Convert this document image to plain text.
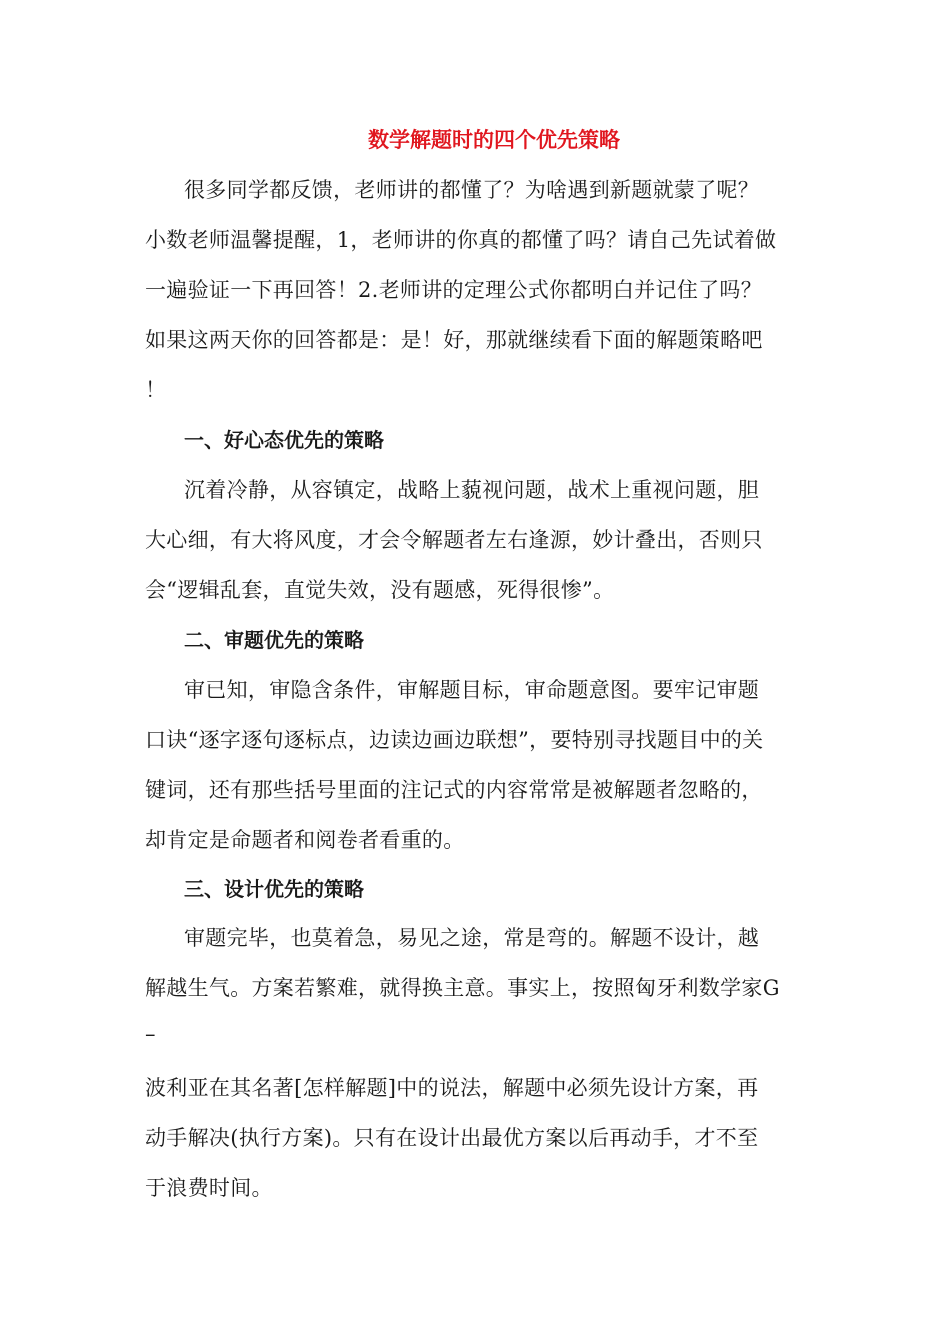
数学解题时的四个优先策略
很多同学都反馈，老师讲的都懂了？为啥遇到新题就蒙了呢？
小数老师温馨提醒，1，老师讲的你真的都懂了吗？请自己先试着做
一遍验证一下再回答！2.老师讲的定理公式你都明白并记住了吗？
如果这两天你的回答都是：是！好，那就继续看下面的解题策略吧
！
一、好心态优先的策略
沉着冷静，从容镇定，战略上藐视问题，战术上重视问题，胆
大心细，有大将风度，才会令解题者左右逢源，妙计叠出，否则只
会“逻辑乱套，直觉失效，没有题感，死得很惨”。
二、审题优先的策略
审已知，审隐含条件，审解题目标，审命题意图。要牢记审题
口诀“逐字逐句逐标点，边读边画边联想”，要特别寻找题目中的关
键词，还有那些括号里面的注记式的内容常常是被解题者忽略的，
却肯定是命题者和阅卷者看重的。
三、设计优先的策略
审题完毕，也莫着急，易见之途，常是弯的。解题不设计，越
解越生气。方案若繁难，就得换主意。事实上，按照匈牙利数学家G
–
波利亚在其名著[怎样解题]中的说法，解题中必须先设计方案，再
动手解决(执行方案)。只有在设计出最优方案以后再动手，才不至
于浪费时间。
